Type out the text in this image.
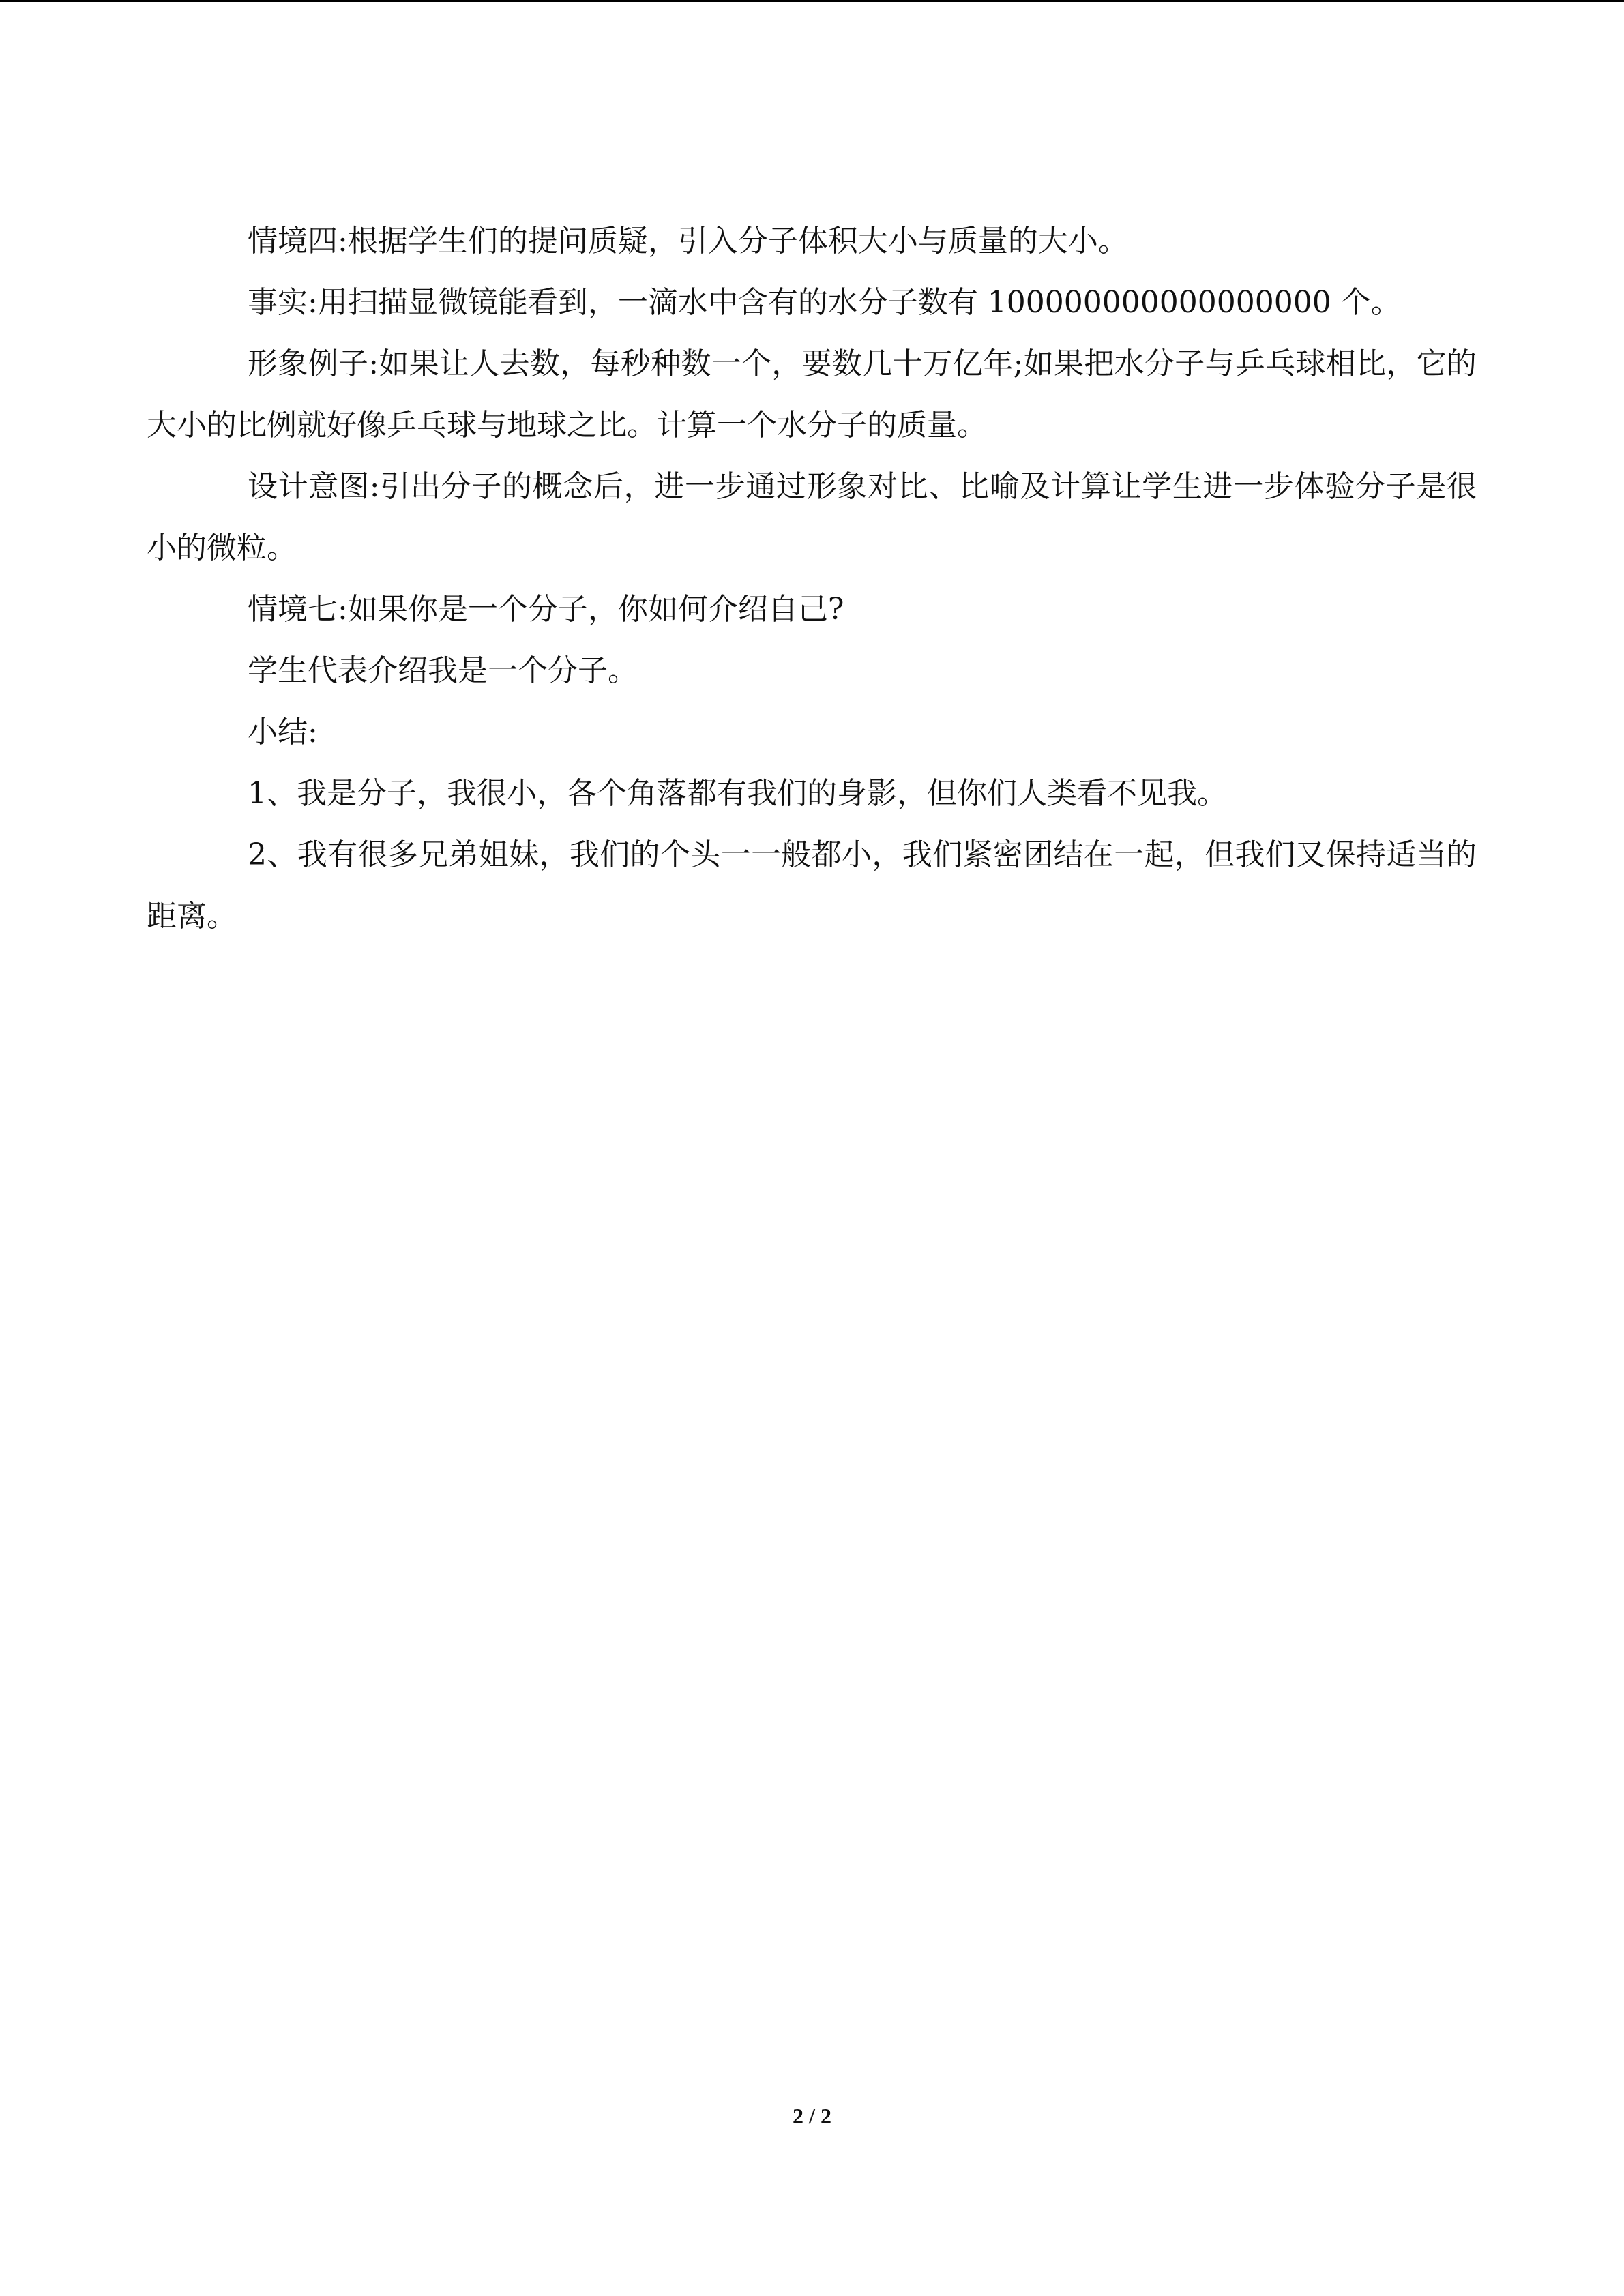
情境四:根据学生们的提问质疑，引入分子体积大小与质量的大小。

事实:用扫描显微镜能看到，一滴水中含有的水分子数有 100000000000000000 个。

形象例子:如果让人去数，每秒种数一个，要数几十万亿年;如果把水分子与乒乓球相比，它的大小的比例就好像乒乓球与地球之比。计算一个水分子的质量。

设计意图:引出分子的概念后，进一步通过形象对比、比喻及计算让学生进一步体验分子是很小的微粒。

情境七:如果你是一个分子，你如何介绍自己?

学生代表介绍我是一个分子。

小结:

1、我是分子，我很小，各个角落都有我们的身影，但你们人类看不见我。

2、我有很多兄弟姐妹，我们的个头一一般都小，我们紧密团结在一起，但我们又保持适当的距离。

2 / 2
